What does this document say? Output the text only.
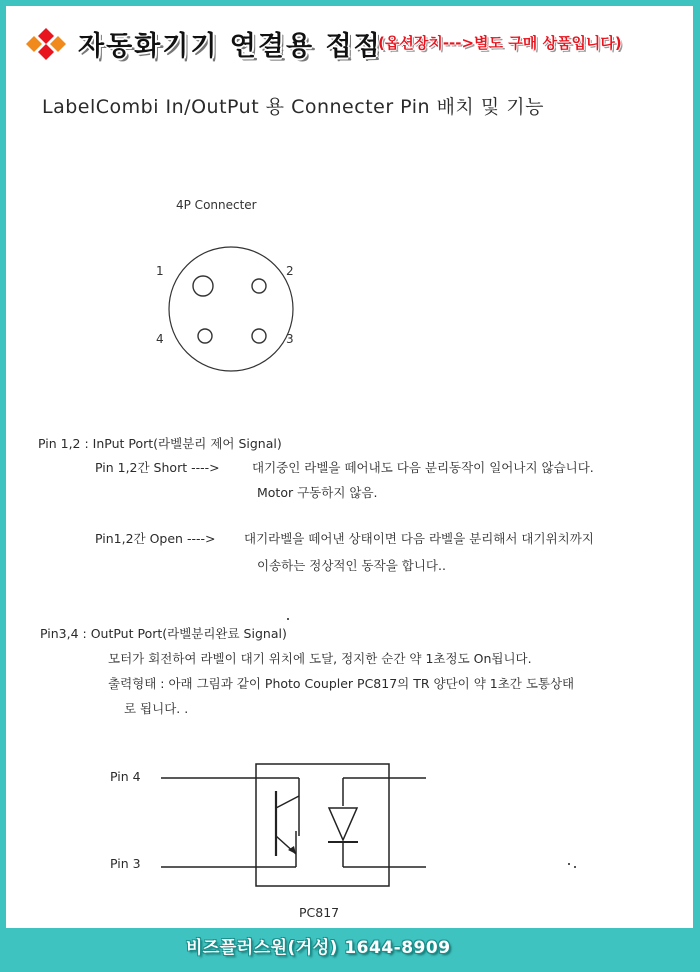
자동화기기 연결용 접점
(옵션장치--->별도 구매 상품입니다)
LabelCombi In/OutPut 용 Connecter Pin 배치 및 기능
4P Connecter
1	2
3
4
Pin 1,2 : InPut Port(라벨분리 제어 Signal)
Pin 1,2간 Short ---->	대기중인 라벨을 떼어내도 다음 분리동작이 일어나지 않습니다.
Motor 구동하지 않음.
Pin1,2간 Open ----> 대기라벨을 떼어낸 상태이면 다음 라벨을 분리해서 대기위치까지
이송하는 정상적인 동작을 합니다..
Pin3,4 : OutPut Port(라벨분리완료 Signal)
모터가 회전하여 라벨이 대기 위치에 도달, 정지한 순간 약 1초정도 On됩니다.
출력형태 : 아래 그림과 같이 Photo Coupler PC817의 TR 양단이 약 1초간 도통상태
로 됩니다. .
Pin 4
Pin 3
PC817
비즈플러스원(거성) 1644-8909
